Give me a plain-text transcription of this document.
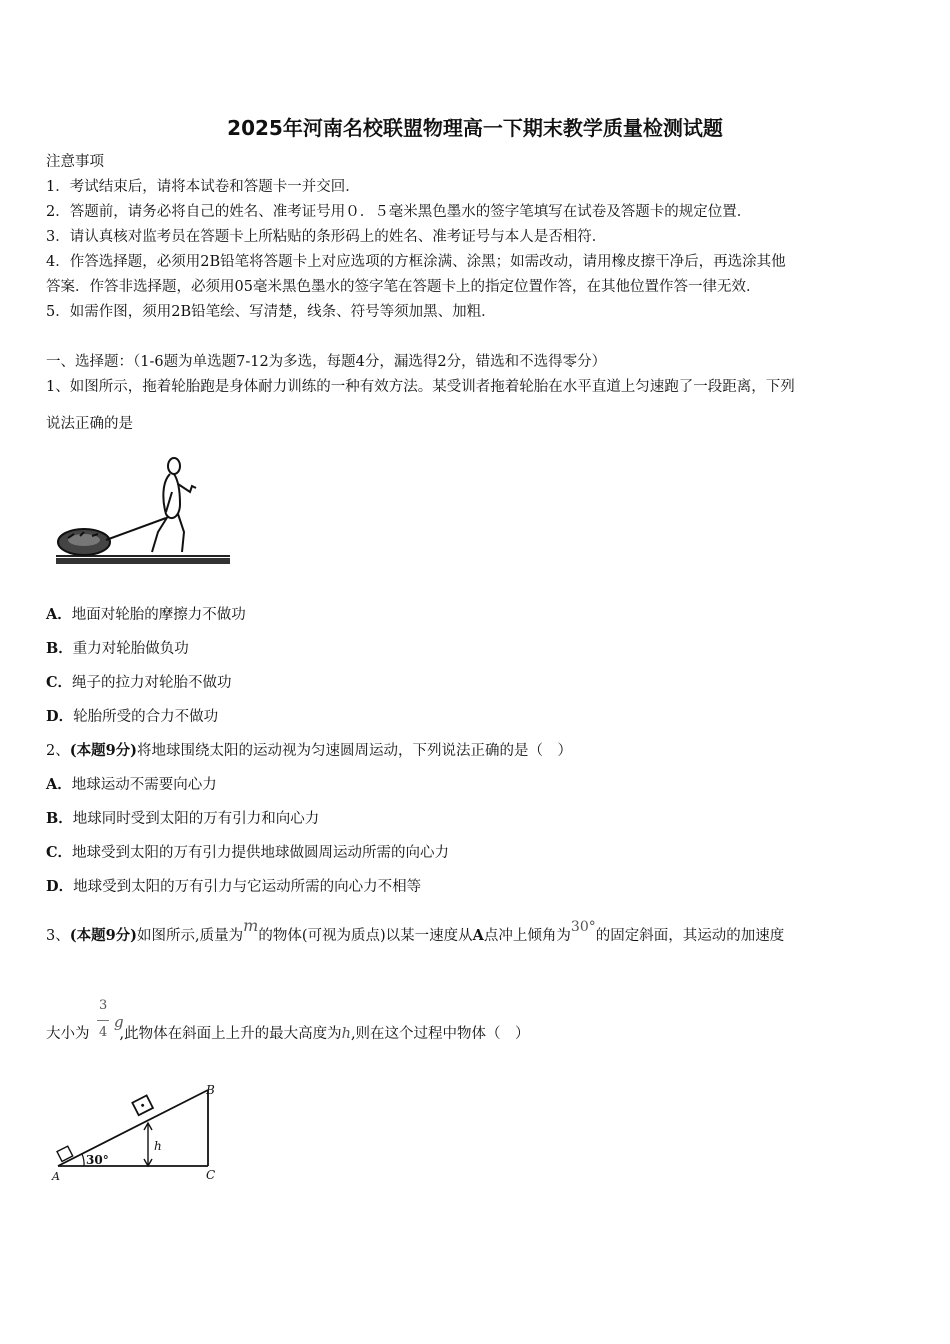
2025年河南名校联盟物理高一下期末教学质量检测试题
注意事项
1．考试结束后，请将本试卷和答题卡一并交回．
2．答题前，请务必将自己的姓名、准考证号用０．５毫米黑色墨水的签字笔填写在试卷及答题卡的规定位置．
3．请认真核对监考员在答题卡上所粘贴的条形码上的姓名、准考证号与本人是否相符．
4．作答选择题，必须用2B铅笔将答题卡上对应选项的方框涂满、涂黑；如需改动，请用橡皮擦干净后，再选涂其他
答案．作答非选择题，必须用05毫米黑色墨水的签字笔在答题卡上的指定位置作答，在其他位置作答一律无效．
5．如需作图，须用2B铅笔绘、写清楚，线条、符号等须加黑、加粗．
一、选择题：（1-6题为单选题7-12为多选，每题4分，漏选得2分，错选和不选得零分）
1、如图所示，拖着轮胎跑是身体耐力训练的一种有效方法。某受训者拖着轮胎在水平直道上匀速跑了一段距离，下列
说法正确的是
A．地面对轮胎的摩擦力不做功
B．重力对轮胎做负功
C．绳子的拉力对轮胎不做功
D．轮胎所受的合力不做功
2、(本题9分)将地球围绕太阳的运动视为匀速圆周运动，下列说法正确的是（　）
A．地球运动不需要向心力
B．地球同时受到太阳的万有引力和向心力
C．地球受到太阳的万有引力提供地球做圆周运动所需的向心力
D．地球受到太阳的万有引力与它运动所需的向心力不相等
3、(本题9分)如图所示,质量为m的物体(可视为质点)以某一速度从A点冲上倾角为30°的固定斜面，其运动的加速度
大小为 ,此物体在斜面上上升的最大高度为h,则在这个过程中物体（　）
3
4
g
h
30°
A
B
C
